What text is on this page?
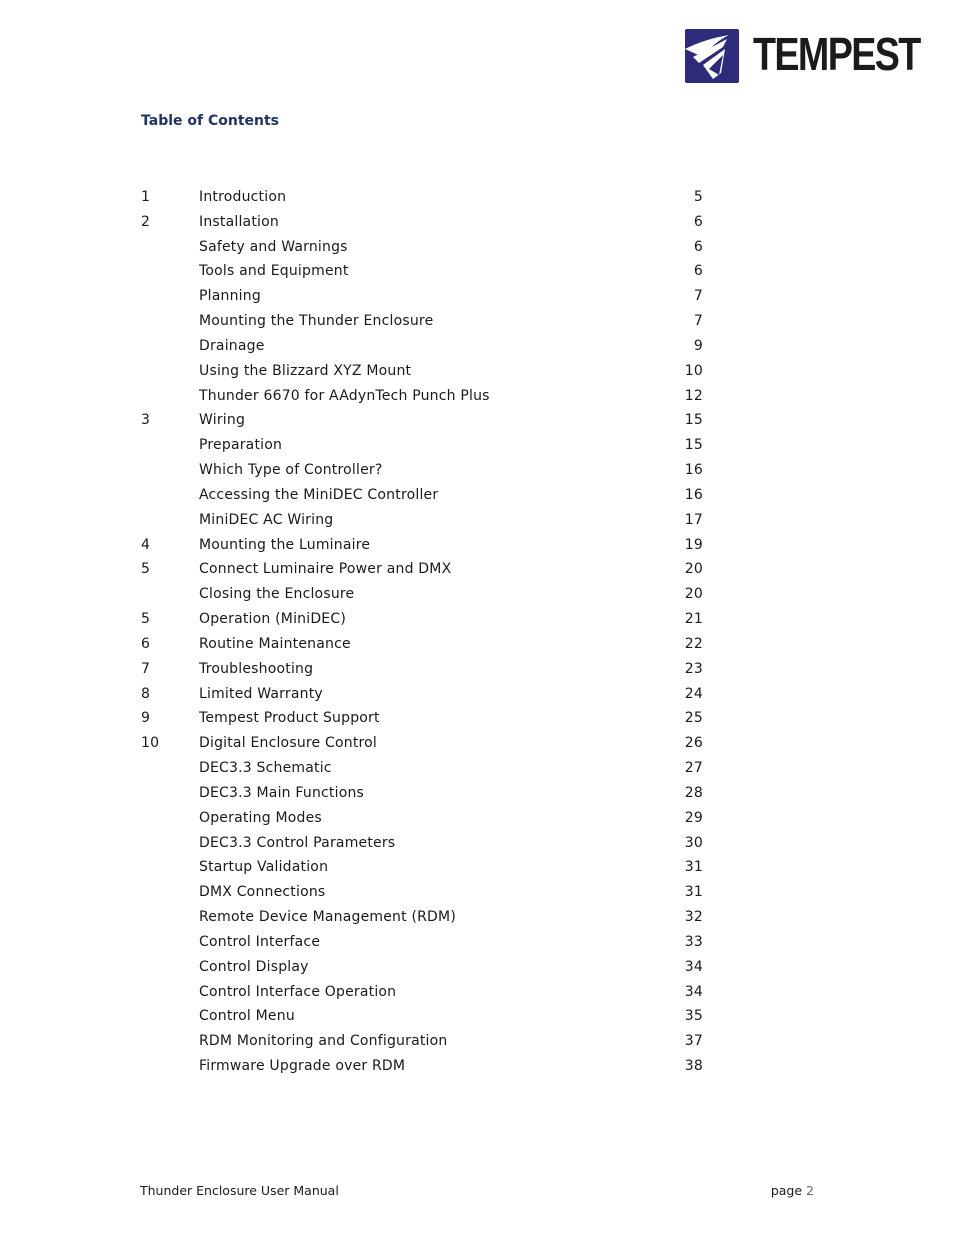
TEMPEST
Table of Contents
1	Introduction	5
2	Installation	6
Safety and Warnings	6
Tools and Equipment	6
Planning	7
Mounting the Thunder Enclosure	7
Drainage	9
Using the Blizzard XYZ Mount	10
Thunder 6670 for AAdynTech Punch Plus	12
3	Wiring	15
Preparation	15
Which Type of Controller?	16
Accessing the MiniDEC Controller	16
MiniDEC AC Wiring	17
4	Mounting the Luminaire	19
5	Connect Luminaire Power and DMX	20
Closing the Enclosure	20
5	Operation (MiniDEC)	21
6	Routine Maintenance	22
7	Troubleshooting	23
8	Limited Warranty	24
9	Tempest Product Support	25
10	Digital Enclosure Control	26
DEC3.3 Schematic	27
DEC3.3 Main Functions	28
Operating Modes	29
DEC3.3 Control Parameters	30
Startup Validation	31
DMX Connections	31
Remote Device Management (RDM)	32
Control Interface	33
Control Display	34
Control Interface Operation	34
Control Menu	35
RDM Monitoring and Configuration	37
Firmware Upgrade over RDM	38
Thunder Enclosure User Manual	page 2
